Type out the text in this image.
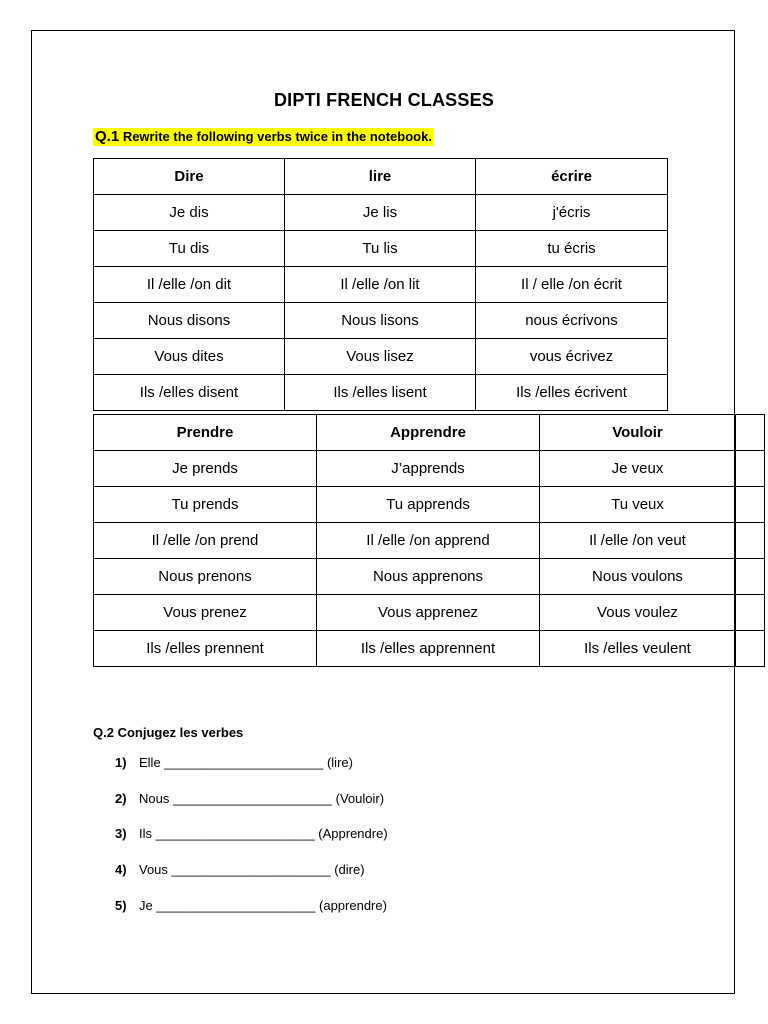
DIPTI FRENCH CLASSES
Q.1 Rewrite the following verbs twice in the notebook.
Dire	lire	écrire
Je dis	Je lis	j'écris
Tu dis	Tu lis	tu écris
Il /elle /on dit	Il /elle /on lit	Il / elle /on écrit
Nous disons	Nous lisons	nous écrivons
Vous dites	Vous lisez	vous écrivez
Ils /elles disent	Ils /elles lisent	Ils /elles écrivent
Prendre	Apprendre	Vouloir	
Je prends	J’apprends	Je veux	
Tu prends	Tu apprends	Tu veux	
Il /elle /on prend	Il /elle /on apprend	Il /elle /on veut	
Nous prenons	Nous apprenons	Nous voulons	
Vous prenez	Vous apprenez	Vous voulez	
Ils /elles prennent	Ils /elles apprennent	Ils /elles veulent	
Q.2 Conjugez les verbes
1) Elle ______________________ (lire)
2) Nous ______________________ (Vouloir)
3) Ils ______________________ (Apprendre)
4) Vous ______________________ (dire)
5) Je ______________________ (apprendre)
